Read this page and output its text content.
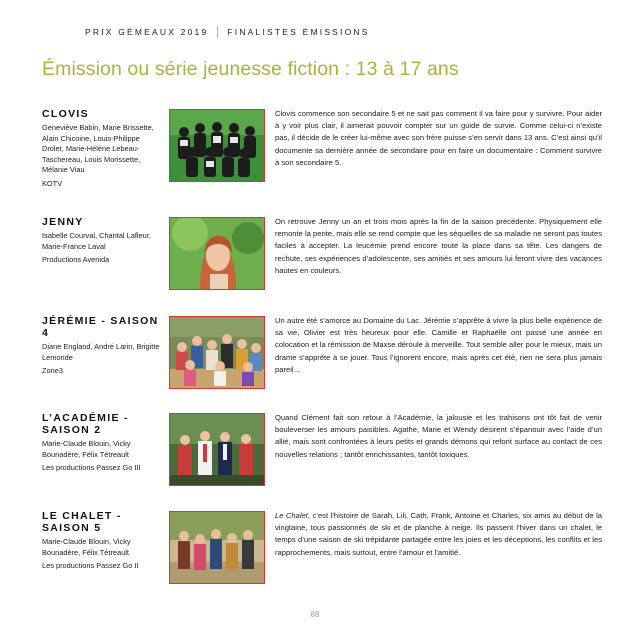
PRIX GÉMEAUX 2019 FINALISTES ÉMISSIONS
Émission ou série jeunesse fiction : 13 à 17 ans
CLOVIS
Geneviève Babin, Marie Brissette, Alain Chicoine, Louis-Philippe Drolet, Marie-Hélène Lebeau-Taschereau, Louis Morissette, Mélanie Viau
KOTV
Clovis commence son secondaire 5 et ne sait pas comment il va faire pour y survivre. Pour aider à y voir plus clair, il aimerait pouvoir compter sur un guide de survie. Comme celui-ci n’existe pas, il décide de le créer lui-même avec son frère puisse s’en servir dans 13 ans. C’est ainsi qu’il documente sa dernière année de secondaire pour en faire un documentaire : Comment survivre à son secondaire 5.
JENNY
Isabelle Courval, Chantal Lafleur, Marie-France Laval
Productions Avenida
On retrouve Jenny un an et trois mois après la fin de la saison précédente. Physiquement elle remonte la pente, mais elle se rend compte que les séquelles de sa maladie ne seront pas toutes faciles à accepter. La leucémie prend encore toute la place dans sa tête. Les dangers de rechute, ses expériences d’adolescente, ses amitiés et ses amours lui feront vivre des vacances hautes en couleurs.
JÉRÉMIE - SAISON 4
Diane England, André Larin, Brigitte Lemonde
Zone3
Un autre été s’amorce au Domaine du Lac. Jérémie s’apprête à vivre la plus belle expérience de sa vie, Olivier est très heureux pour elle. Camille et Raphaëlle ont passé une année en colocation et la rémission de Maxse déroule à merveille. Tout semble aller pour le mieux, mais un drame s’apprête à se jouer. Tous l’ignorent encore, mais après cet été, rien ne sera plus jamais pareil…
L’ACADÉMIE - SAISON 2
Marie-Claude Blouin, Vicky Bounadère, Félix Tétreault
Les productions Passez Go III
Quand Clément fait son retour à l’Académie, la jalousie et les trahisons ont tôt fait de venir bouleverser les amours paisibles. Agathe, Marie et Wendy désirent s’épanouir avec l’aide d’un allié, mais sont confrontées à leurs petits et grands démons qui refont surface au contact de ces nouvelles relations ; tantôt enrichissantes, tantôt toxiques.
LE CHALET - SAISON 5
Marie-Claude Blouin, Vicky Bounadère, Félix Tétreault
Les productions Passez Go II
Le Chalet, c’est l’histoire de Sarah, Lili, Cath, Frank, Antoine et Charles, six amis au début de la vingtaine, tous passionnés de ski et de planche à neige. Ils passent l’hiver dans un chalet, le temps d’une saison de ski trépidante partagée entre les joies et les déceptions, les conflits et les rapprochements, mais surtout, entre l’amour et l’amitié.
88
